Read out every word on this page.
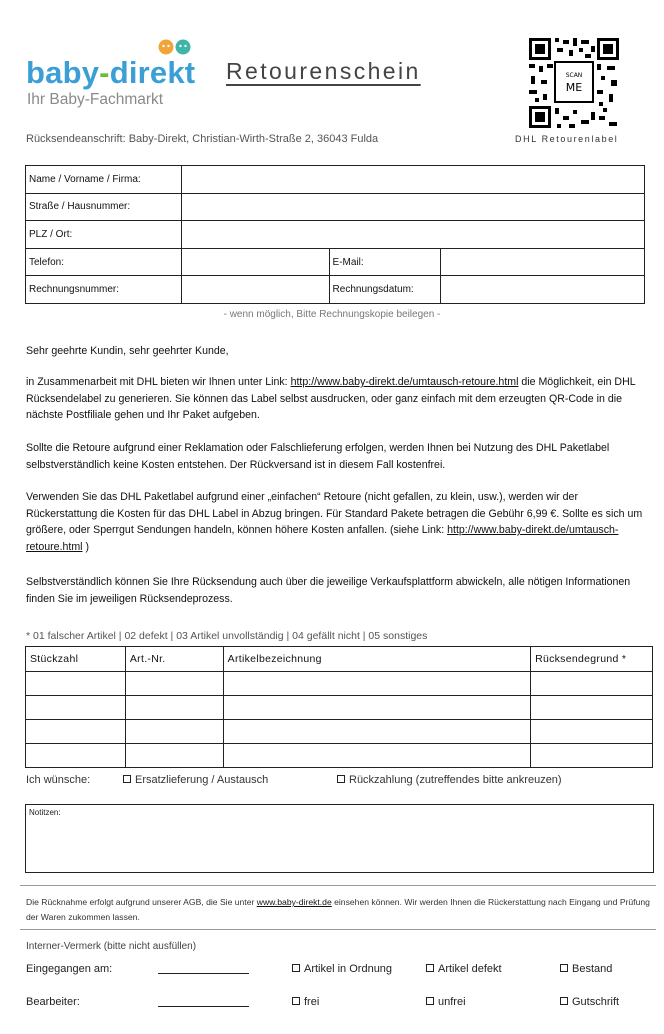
baby-direkt
Ihr Baby-Fachmarkt
Retourenschein	SCAN
ME
DHL Retourenlabel
Rücksendeanschrift: Baby-Direkt, Christian-Wirth-Straße 2, 36043 Fulda
Name / Vorname / Firma:			
Straße / Hausnummer:			
PLZ / Ort:			
Telefon:		E-Mail:	
Rechnungsnummer:		Rechnungsdatum:	
- wenn möglich, Bitte Rechnungskopie beilegen -
Sehr geehrte Kundin, sehr geehrter Kunde,
in Zusammenarbeit mit DHL bieten wir Ihnen unter Link: http://www.baby-direkt.de/umtausch-retoure.html die Möglichkeit, ein DHL Rücksendelabel zu generieren. Sie können das Label selbst ausdrucken, oder ganz einfach mit dem erzeugten QR-Code in die nächste Postfiliale gehen und Ihr Paket aufgeben.
Sollte die Retoure aufgrund einer Reklamation oder Falschlieferung erfolgen, werden Ihnen bei Nutzung des DHL Paketlabel selbstverständlich keine Kosten entstehen. Der Rückversand ist in diesem Fall kostenfrei.
Verwenden Sie das DHL Paketlabel aufgrund einer „einfachen“ Retoure (nicht gefallen, zu klein, usw.), werden wir der Rückerstattung die Kosten für das DHL Label in Abzug bringen. Für Standard Pakete betragen die Gebühr 6,99 €. Sollte es sich um größere, oder Sperrgut Sendungen handeln, können höhere Kosten anfallen. (siehe Link: http://www.baby-direkt.de/umtausch-retoure.html )
Selbstverständlich können Sie Ihre Rücksendung auch über die jeweilige Verkaufsplattform abwickeln, alle nötigen Informationen finden Sie im jeweiligen Rücksendeprozess.
* 01 falscher Artikel | 02 defekt | 03 Artikel unvollständig | 04 gefällt nicht | 05 sonstiges
Stückzahl	Art.-Nr.	Artikelbezeichnung	Rücksendegrund *

Ich wünsche:	Ersatzlieferung / Austausch	Rückzahlung (zutreffendes bitte ankreuzen)
Notitzen:
Die Rücknahme erfolgt aufgrund unserer AGB, die Sie unter www.baby-direkt.de einsehen können. Wir werden Ihnen die Rückerstattung nach Eingang und Prüfung der Waren zukommen lassen.
Interner-Vermerk (bitte nicht ausfüllen)
Eingegangen am:	Artikel in Ordnung	Artikel defekt	Bestand
Bearbeiter:	frei	unfrei	Gutschrift
